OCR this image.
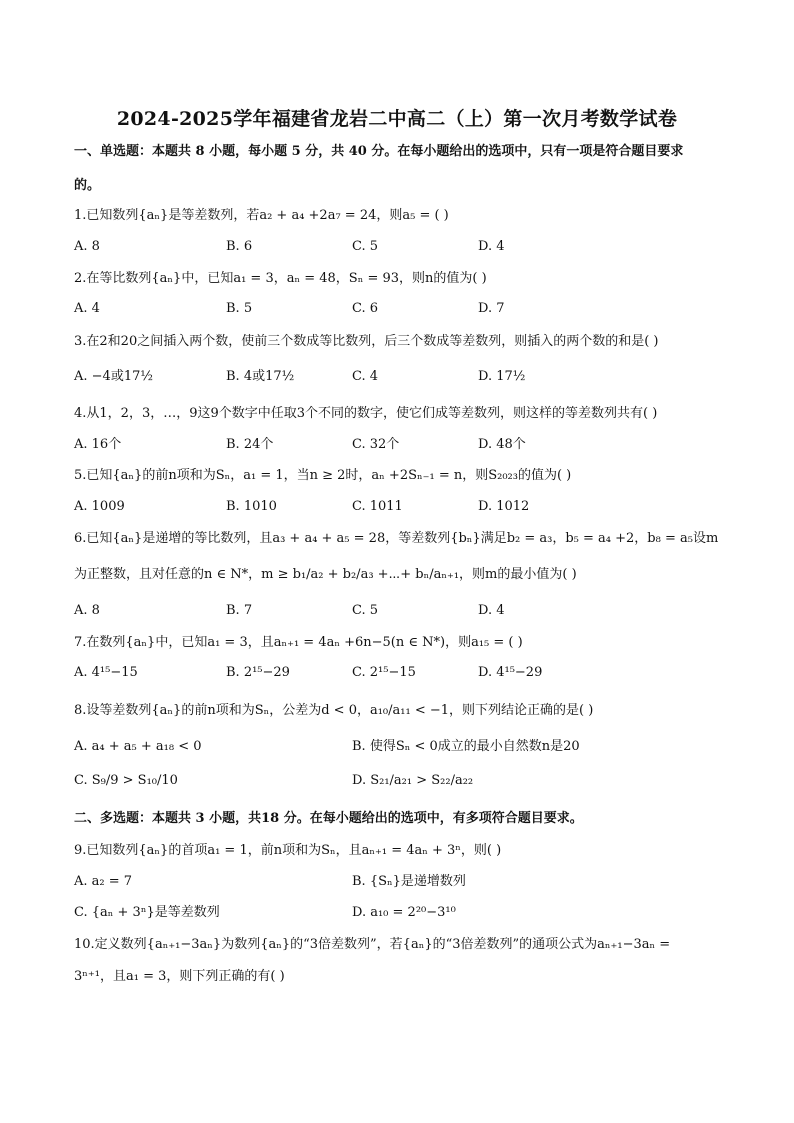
2024-2025学年福建省龙岩二中高二（上）第一次月考数学试卷
一、单选题：本题共 8 小题，每小题 5 分，共 40 分。在每小题给出的选项中，只有一项是符合题目要求
的。
1.已知数列{aₙ}是等差数列，若a₂ + a₄ +2a₇ = 24，则a₅ = ( )
A. 8	B. 6	C. 5	D. 4
2.在等比数列{aₙ}中，已知a₁ = 3，aₙ = 48，Sₙ = 93，则n的值为( )
A. 4	B. 5	C. 6	D. 7
3.在2和20之间插入两个数，使前三个数成等比数列，后三个数成等差数列，则插入的两个数的和是( )
A. −4或17½	B. 4或17½	C. 4	D. 17½
4.从1，2，3，…，9这9个数字中任取3个不同的数字，使它们成等差数列，则这样的等差数列共有( )
A. 16个	B. 24个	C. 32个	D. 48个
5.已知{aₙ}的前n项和为Sₙ，a₁ = 1，当n ≥ 2时，aₙ +2Sₙ₋₁ = n，则S₂₀₂₃的值为( )
A. 1009	B. 1010	C. 1011	D. 1012
6.已知{aₙ}是递增的等比数列，且a₃ + a₄ + a₅ = 28，等差数列{bₙ}满足b₂ = a₃，b₅ = a₄ +2，b₈ = a₅设m
为正整数，且对任意的n ∈ N*，m ≥ b₁/a₂ + b₂/a₃ +⋯+ bₙ/aₙ₊₁，则m的最小值为( )
A. 8	B. 7	C. 5	D. 4
7.在数列{aₙ}中，已知a₁ = 3，且aₙ₊₁ = 4aₙ +6n−5(n ∈ N*)，则a₁₅ = ( )
A. 4¹⁵−15	B. 2¹⁵−29	C. 2¹⁵−15	D. 4¹⁵−29
8.设等差数列{aₙ}的前n项和为Sₙ，公差为d < 0，a₁₀/a₁₁ < −1，则下列结论正确的是( )
A. a₄ + a₅ + a₁₈ < 0	B. 使得Sₙ < 0成立的最小自然数n是20
C. S₉/9 > S₁₀/10	D. S₂₁/a₂₁ > S₂₂/a₂₂
二、多选题：本题共 3 小题，共18 分。在每小题给出的选项中，有多项符合题目要求。
9.已知数列{aₙ}的首项a₁ = 1，前n项和为Sₙ，且aₙ₊₁ = 4aₙ + 3ⁿ，则( )
A. a₂ = 7	B. {Sₙ}是递增数列
C. {aₙ + 3ⁿ}是等差数列	D. a₁₀ = 2²⁰−3¹⁰
10.定义数列{aₙ₊₁−3aₙ}为数列{aₙ}的“3倍差数列”，若{aₙ}的“3倍差数列”的通项公式为aₙ₊₁−3aₙ =
3ⁿ⁺¹，且a₁ = 3，则下列正确的有( )
